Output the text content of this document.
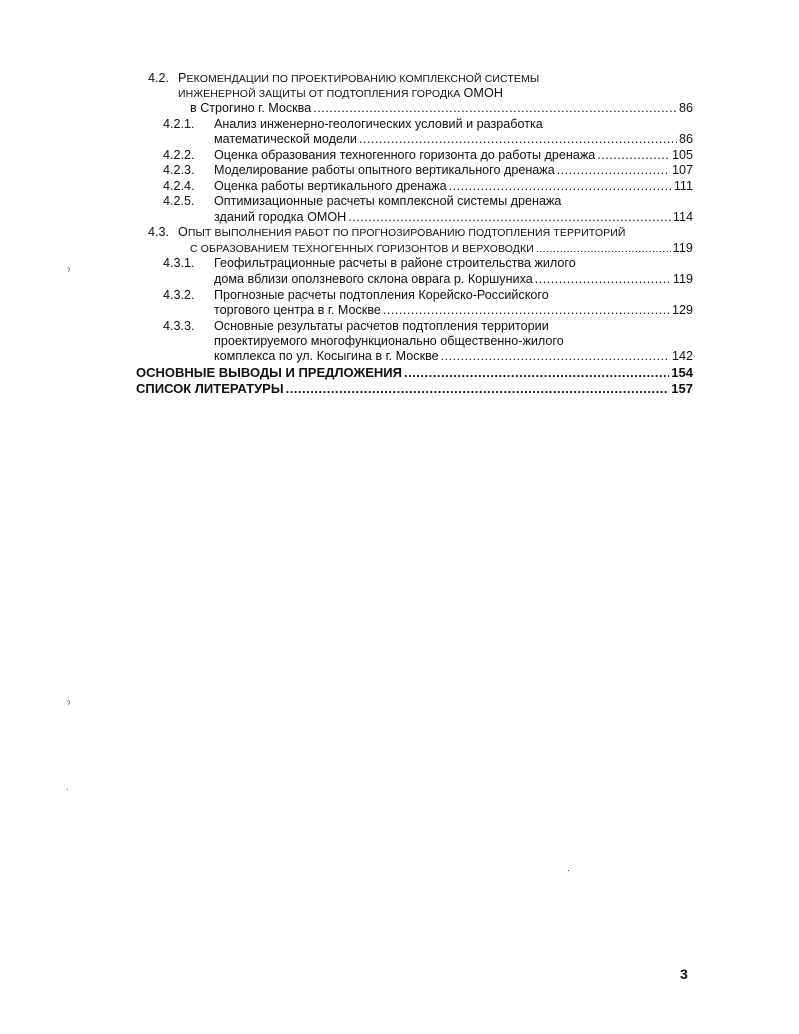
4.2. РЕКОМЕНДАЦИИ ПО ПРОЕКТИРОВАНИЮ КОМПЛЕКСНОЙ СИСТЕМЫ
ИНЖЕНЕРНОЙ ЗАЩИТЫ ОТ ПОДТОПЛЕНИЯ ГОРОДКА ОМОН
в Строгино г. Москва .....	86
4.2.1. Анализ инженерно-геологических условий и разработка
математической модели .....	86
4.2.2. Оценка образования техногенного горизонта до работы дренажа .....	105
4.2.3. Моделирование работы опытного вертикального дренажа .....	107
4.2.4. Оценка работы вертикального дренажа .....	111
4.2.5. Оптимизационные расчеты комплексной системы дренажа
зданий городка ОМОН .....	114
4.3. ОПЫТ ВЫПОЛНЕНИЯ РАБОТ ПО ПРОГНОЗИРОВАНИЮ ПОДТОПЛЕНИЯ ТЕРРИТОРИЙ
С ОБРАЗОВАНИЕМ ТЕХНОГЕННЫХ ГОРИЗОНТОВ И ВЕРХОВОДКИ .....	119
4.3.1. Геофильтрационные расчеты в районе строительства жилого
дома вблизи оползневого склона оврага р. Коршуниха .....	119
4.3.2. Прогнозные расчеты подтопления Корейско-Российского
торгового центра в г. Москве .....	129
4.3.3. Основные результаты расчетов подтопления территории
проектируемого многофункционально общественно-жилого
комплекса по ул. Косыгина в г. Москве .....	142
ОСНОВНЫЕ ВЫВОДЫ И ПРЕДЛОЖЕНИЯ .....	154
СПИСОК ЛИТЕРАТУРЫ .....	157
ˀ
ˀ
ˎ
·
3
